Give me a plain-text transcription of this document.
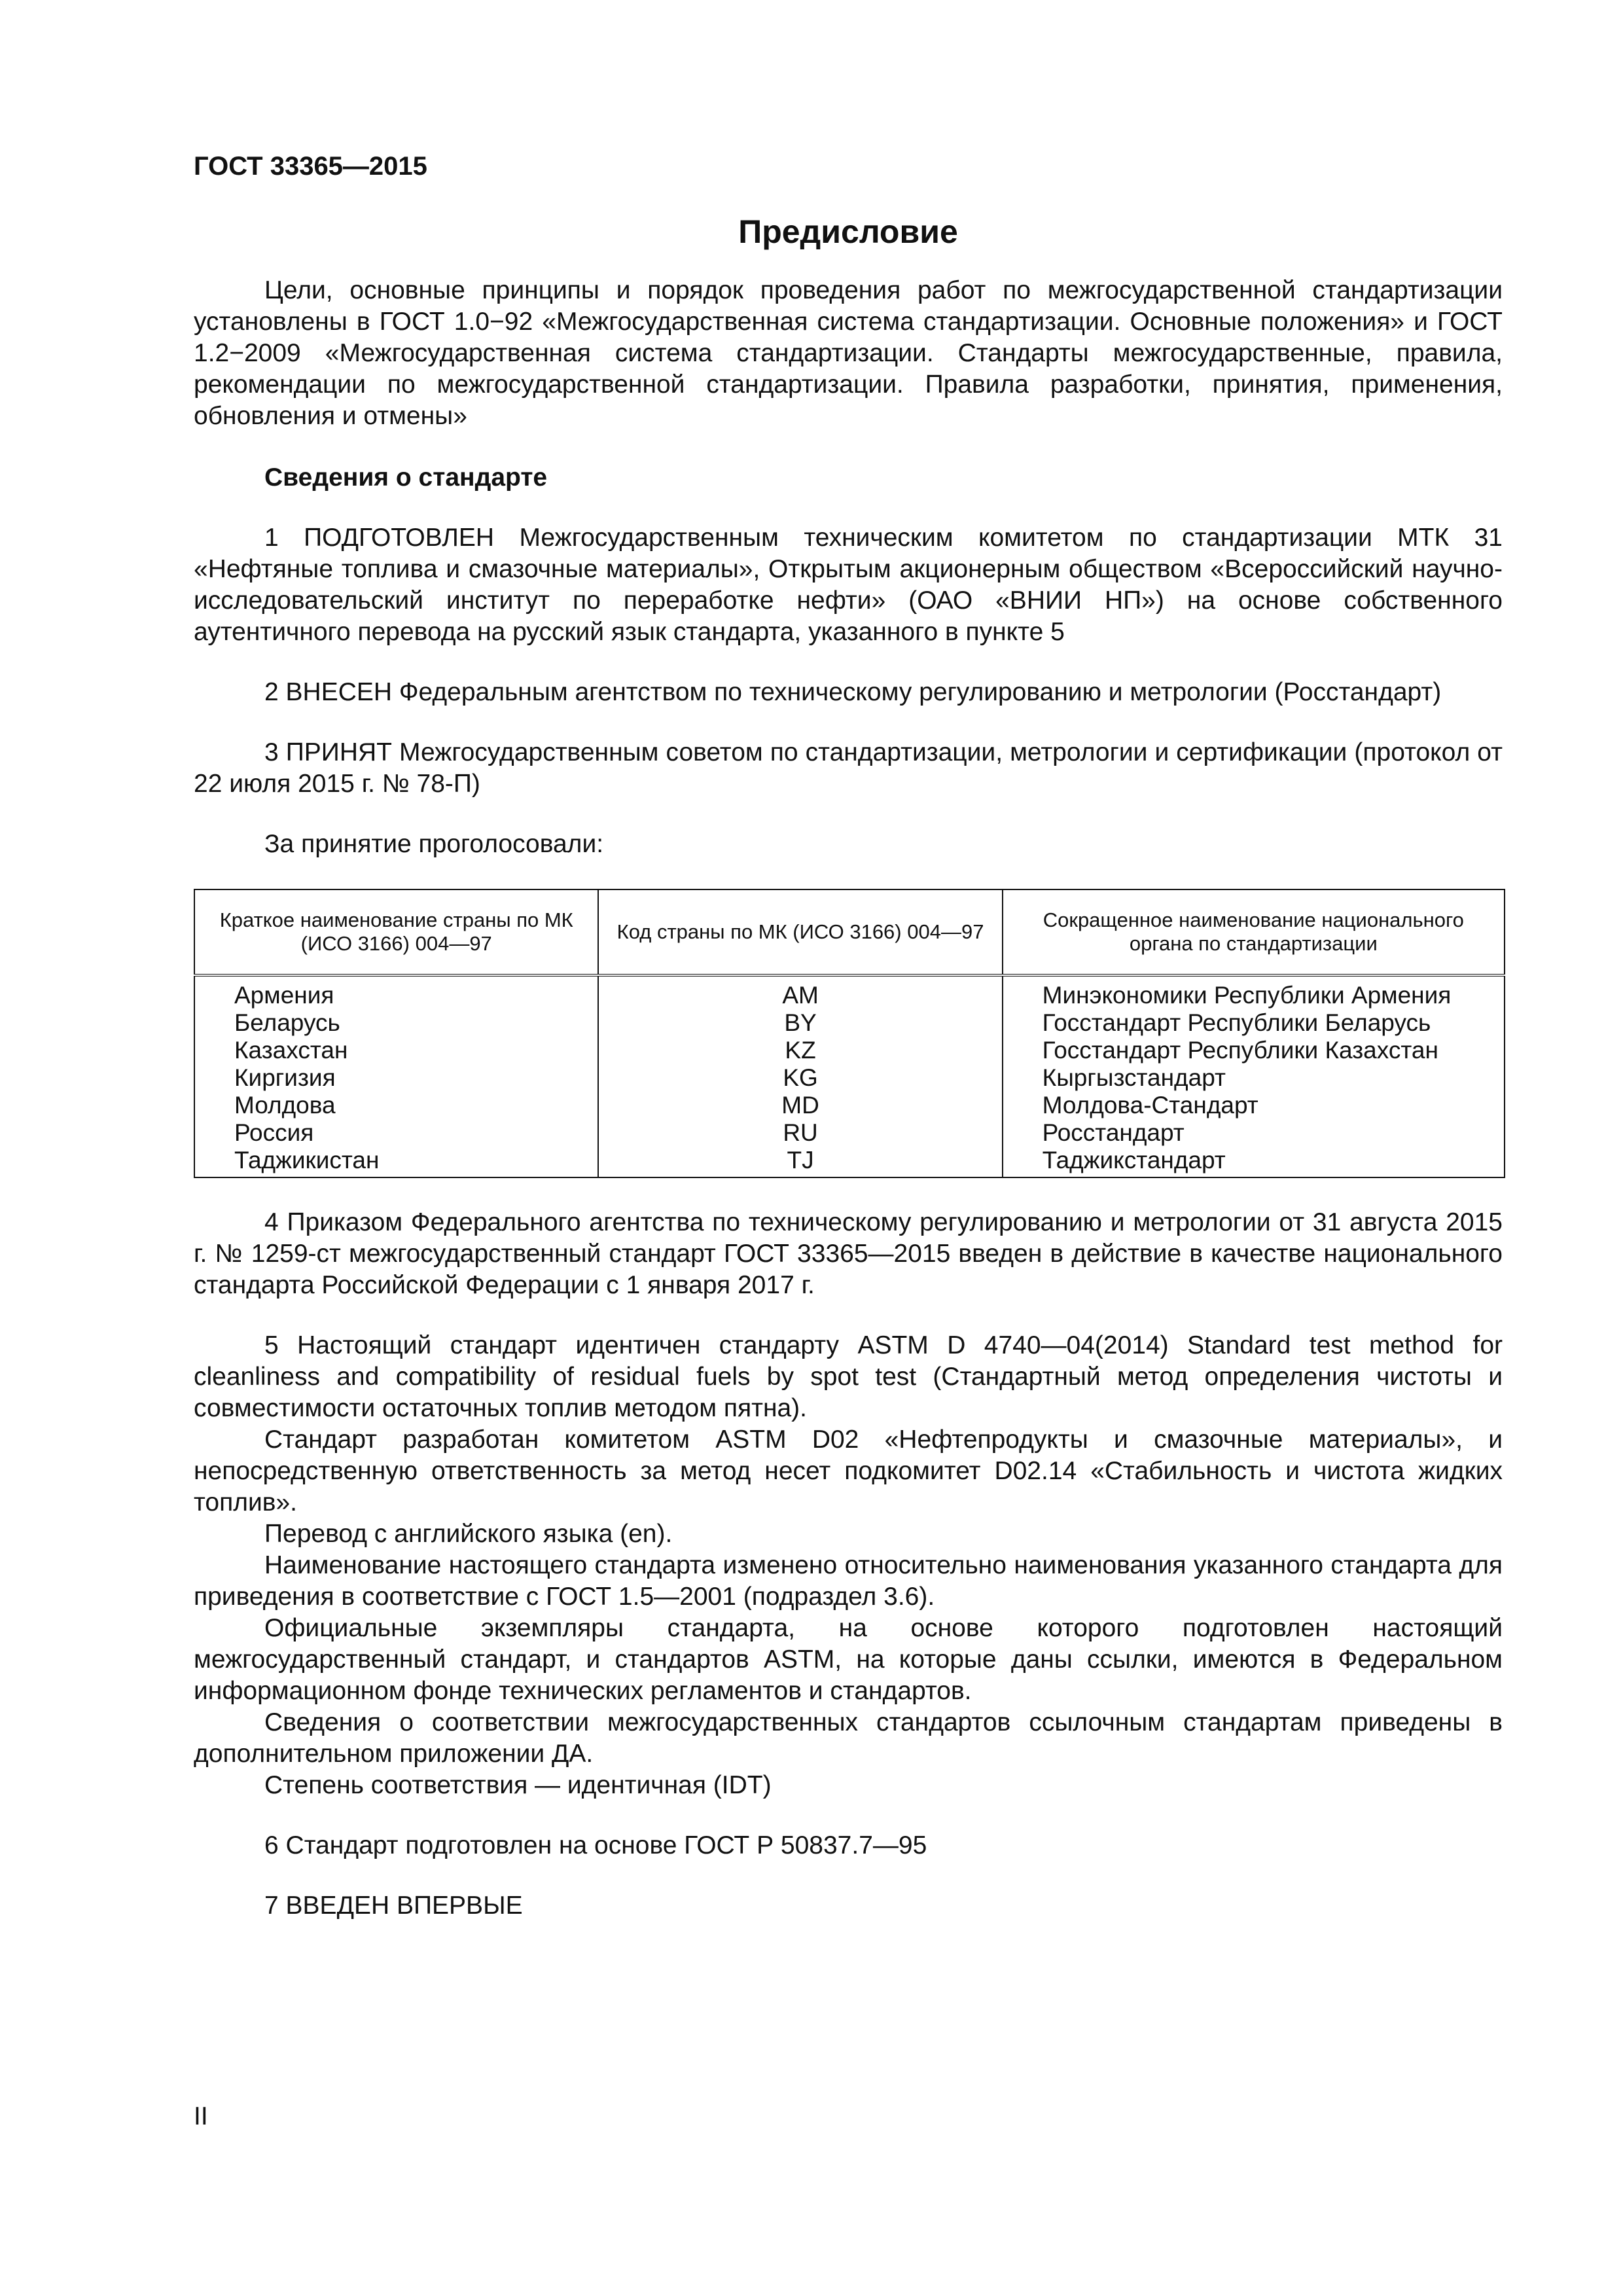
ГОСТ 33365—2015
Предисловие

Цели, основные принципы и порядок проведения работ по межгосударственной стандартизации установлены в ГОСТ 1.0−92 «Межгосударственная система стандартизации. Основные положения» и ГОСТ 1.2−2009 «Межгосударственная система стандартизации. Стандарты межгосударственные, правила, рекомендации по межгосударственной стандартизации. Правила разработки, принятия, применения, обновления и отмены»

Сведения о стандарте

1 ПОДГОТОВЛЕН Межгосударственным техническим комитетом по стандартизации МТК 31 «Нефтяные топлива и смазочные материалы», Открытым акционерным обществом «Всероссийский научно-исследовательский институт по переработке нефти» (ОАО «ВНИИ НП») на основе собственного аутентичного перевода на русский язык стандарта, указанного в пункте 5

2 ВНЕСЕН Федеральным агентством по техническому регулированию и метрологии (Росстандарт)

3 ПРИНЯТ Межгосударственным советом по стандартизации, метрологии и сертификации (протокол от 22 июля 2015 г. № 78-П)

За принятие проголосовали:

Краткое наименование страны по МК (ИСО 3166) 004—97	Код страны по МК (ИСО 3166) 004—97	Сокращенное наименование национального органа по стандартизации
Армения	AM	Минэкономики Республики Армения
Беларусь	BY	Госстандарт Республики Беларусь
Казахстан	KZ	Госстандарт Республики Казахстан
Киргизия	KG	Кыргызстандарт
Молдова	MD	Молдова-Стандарт
Россия	RU	Росстандарт
Таджикистан	TJ	Таджикстандарт

4 Приказом Федерального агентства по техническому регулированию и метрологии от 31 августа 2015 г. № 1259-ст межгосударственный стандарт ГОСТ 33365—2015 введен в действие в качестве национального стандарта Российской Федерации с 1 января 2017 г.

5 Настоящий стандарт идентичен стандарту ASTM D 4740—04(2014) Standard test method for cleanliness and compatibility of residual fuels by spot test (Стандартный метод определения чистоты и совместимости остаточных топлив методом пятна).

Стандарт разработан комитетом ASTM D02 «Нефтепродукты и смазочные материалы», и непосредственную ответственность за метод несет подкомитет D02.14 «Стабильность и чистота жидких топлив».

Перевод с английского языка (en).

Наименование настоящего стандарта изменено относительно наименования указанного стандарта для приведения в соответствие с ГОСТ 1.5—2001 (подраздел 3.6).

Официальные экземпляры стандарта, на основе которого подготовлен настоящий межгосударственный стандарт, и стандартов ASTM, на которые даны ссылки, имеются в Федеральном информационном фонде технических регламентов и стандартов.

Сведения о соответствии межгосударственных стандартов ссылочным стандартам приведены в дополнительном приложении ДА.

Степень соответствия — идентичная (IDT)

6 Стандарт подготовлен на основе ГОСТ Р 50837.7—95

7 ВВЕДЕН ВПЕРВЫЕ

II
